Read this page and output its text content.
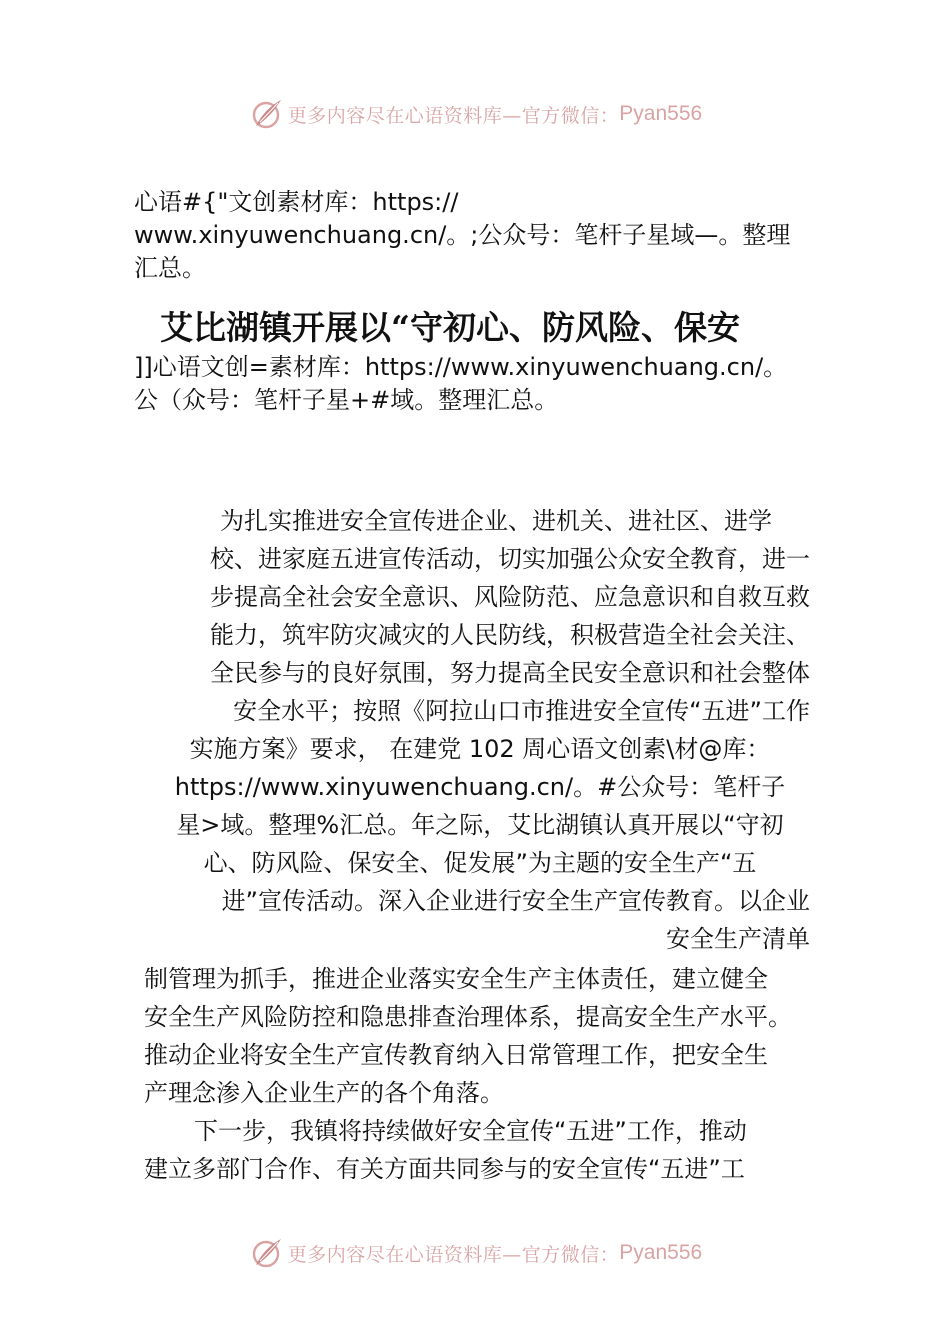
更多内容尽在心语资料库—官方微信： Pyan556
心语#{"文创素材库：https://
www.xinyuwenchuang.cn/。;公众号：笔杆子星域—。整理
汇总。
艾比湖镇开展以“守初心、防风险、保安
]]心语文创=素材库：https://www.xinyuwenchuang.cn/。
公（众号：笔杆子星+#域。整理汇总。
为扎实推进安全宣传进企业、进机关、进社区、进学
校、进家庭五进宣传活动，切实加强公众安全教育，进一
步提高全社会安全意识、风险防范、应急意识和自救互救
能力，筑牢防灾减灾的人民防线，积极营造全社会关注、
全民参与的良好氛围，努力提高全民安全意识和社会整体
安全水平；按照《阿拉山口市推进安全宣传“五进”工作
实施方案》要求， 在建党 102 周心语文创素\材@库：
https://www.xinyuwenchuang.cn/。#公众号：笔杆子
星>域。整理%汇总。年之际，艾比湖镇认真开展以“守初
心、防风险、保安全、促发展”为主题的安全生产“五
进”宣传活动。深入企业进行安全生产宣传教育。以企业
安全生产清单
制管理为抓手，推进企业落实安全生产主体责任，建立健全
安全生产风险防控和隐患排查治理体系，提高安全生产水平。
推动企业将安全生产宣传教育纳入日常管理工作，把安全生
产理念渗入企业生产的各个角落。
下一步，我镇将持续做好安全宣传“五进”工作，推动
建立多部门合作、有关方面共同参与的安全宣传“五进”工
更多内容尽在心语资料库—官方微信： Pyan556
